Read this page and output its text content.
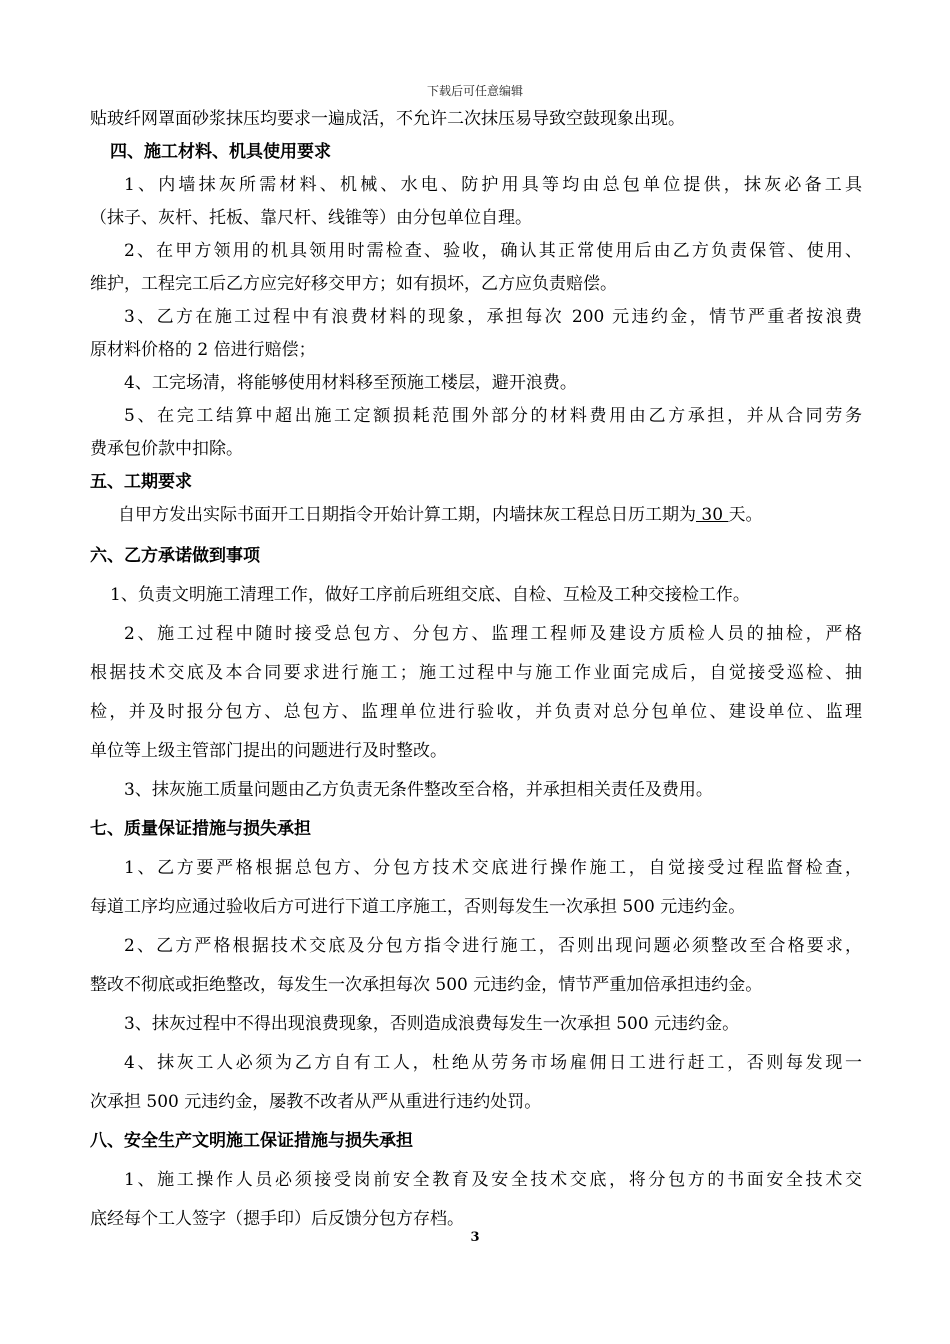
下载后可任意编辑
贴玻纤网罩面砂浆抹压均要求一遍成活，不允许二次抹压易导致空鼓现象出现。
四、施工材料、机具使用要求
1、内墙抹灰所需材料、机械、水电、防护用具等均由总包单位提供，抹灰必备工具
（抹子、灰杆、托板、靠尺杆、线锥等）由分包单位自理。
2、在甲方领用的机具领用时需检查、验收，确认其正常使用后由乙方负责保管、使用、
维护，工程完工后乙方应完好移交甲方；如有损坏，乙方应负责赔偿。
3、乙方在施工过程中有浪费材料的现象，承担每次 200 元违约金，情节严重者按浪费
原材料价格的 2 倍进行赔偿；
4、工完场清，将能够使用材料移至预施工楼层，避开浪费。
5、在完工结算中超出施工定额损耗范围外部分的材料费用由乙方承担，并从合同劳务
费承包价款中扣除。
五、工期要求
自甲方发出实际书面开工日期指令开始计算工期，内墙抹灰工程总日历工期为 30 天。
六、乙方承诺做到事项
1、负责文明施工清理工作，做好工序前后班组交底、自检、互检及工种交接检工作。
2、施工过程中随时接受总包方、分包方、监理工程师及建设方质检人员的抽检，严格
根据技术交底及本合同要求进行施工；施工过程中与施工作业面完成后，自觉接受巡检、抽
检，并及时报分包方、总包方、监理单位进行验收，并负责对总分包单位、建设单位、监理
单位等上级主管部门提出的问题进行及时整改。
3、抹灰施工质量问题由乙方负责无条件整改至合格，并承担相关责任及费用。
七、质量保证措施与损失承担
1、乙方要严格根据总包方、分包方技术交底进行操作施工，自觉接受过程监督检查，
每道工序均应通过验收后方可进行下道工序施工，否则每发生一次承担 500 元违约金。
2、乙方严格根据技术交底及分包方指令进行施工，否则出现问题必须整改至合格要求，
整改不彻底或拒绝整改，每发生一次承担每次 500 元违约金，情节严重加倍承担违约金。
3、抹灰过程中不得出现浪费现象，否则造成浪费每发生一次承担 500 元违约金。
4、抹灰工人必须为乙方自有工人，杜绝从劳务市场雇佣日工进行赶工，否则每发现一
次承担 500 元违约金，屡教不改者从严从重进行违约处罚。
八、安全生产文明施工保证措施与损失承担
1、施工操作人员必须接受岗前安全教育及安全技术交底，将分包方的书面安全技术交
底经每个工人签字（摁手印）后反馈分包方存档。
3
